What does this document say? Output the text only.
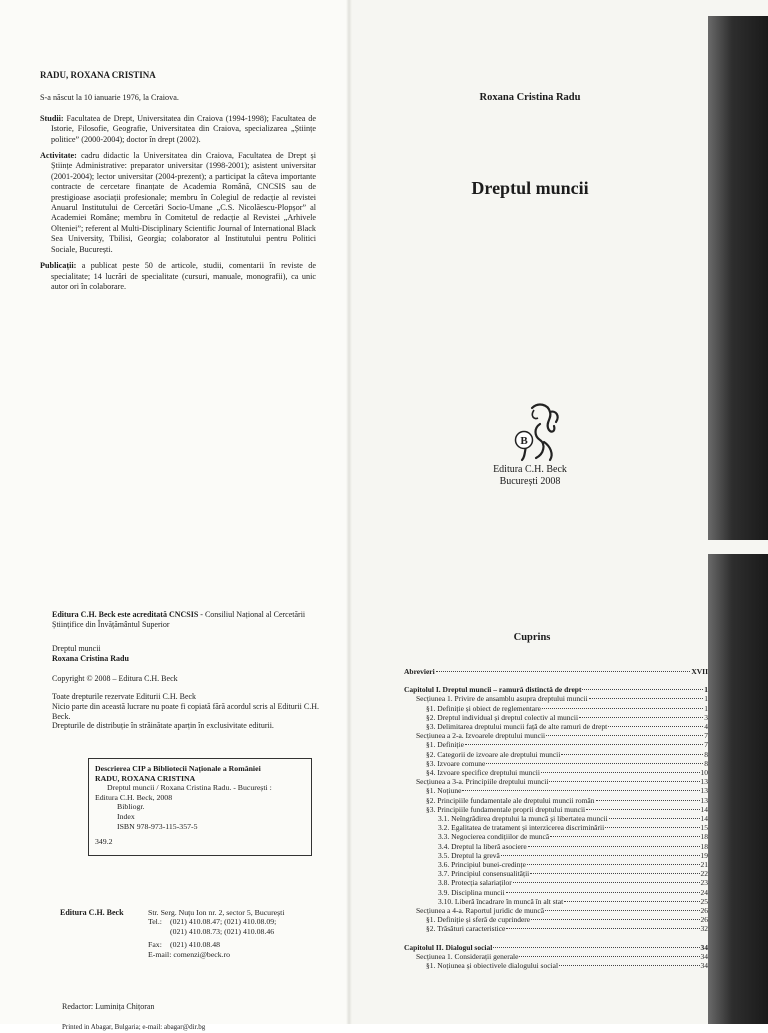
RADU, ROXANA CRISTINA

S-a născut la 10 ianuarie 1976, la Craiova.

Studii: Facultatea de Drept, Universitatea din Craiova (1994-1998); Facultatea de Istorie, Filosofie, Geografie, Universitatea din Craiova, specializarea „Științe politice” (2000-2004); doctor în drept (2002).

Activitate: cadru didactic la Universitatea din Craiova, Facultatea de Drept și Științe Administrative: preparator universitar (1998-2001); asistent universitar (2001-2004); lector universitar (2004-prezent); a participat la câteva importante contracte de cercetare finanțate de Academia Română, CNCSIS sau de prestigioase asociații profesionale; membru în Colegiul de redacție al revistei Anuarul Institutului de Cercetări Socio-Umane „C.S. Nicolăescu-Plopșor” al Academiei Române; membru în Comitetul de redacție al Revistei „Arhivele Olteniei”; referent al Multi-Disciplinary Scientific Journal of International Black Sea University, Tbilisi, Georgia; colaborator al Institutului pentru Politici Sociale, București.

Publicații: a publicat peste 50 de articole, studii, comentarii în reviste de specialitate; 14 lucrări de specialitate (cursuri, manuale, monografii), ca unic autor ori în colaborare.

Roxana Cristina Radu
Dreptul muncii
B
Editura C.H. Beck
București 2008
Editura C.H. Beck este acreditată CNCSIS - Consiliul Național al Cercetării Științifice din Învățământul Superior
Dreptul muncii
Roxana Cristina Radu
Copyright © 2008 – Editura C.H. Beck
Toate drepturile rezervate Editurii C.H. Beck
Nicio parte din această lucrare nu poate fi copiată fără acordul scris al Editurii C.H. Beck.
Drepturile de distribuție în străinătate aparțin în exclusivitate editurii.
Descrierea CIP a Bibliotecii Naționale a României
RADU, ROXANA CRISTINA
Dreptul muncii / Roxana Cristina Radu. - București :
Editura C.H. Beck, 2008
Bibliogr.
Index
ISBN 978-973-115-357-5
349.2
Editura C.H. Beck	Str. Serg. Nuțu Ion nr. 2, sector 5, București
Tel.:	(021) 410.08.47; (021) 410.08.09;
(021) 410.08.73; (021) 410.08.46
Fax:	(021) 410.08.48
E-mail: comenzi@beck.ro
Redactor: Luminița Chițoran
Printed in Abagar, Bulgaria; e-mail: abagar@dir.bg
Cuprins
Abrevieri	XVII
Capitolul I. Dreptul muncii – ramură distinctă de drept	1
Secțiunea 1. Privire de ansamblu asupra dreptului muncii	1
§1. Definiție și obiect de reglementare	1
§2. Dreptul individual și dreptul colectiv al muncii	3
§3. Delimitarea dreptului muncii față de alte ramuri de drept	4
Secțiunea a 2-a. Izvoarele dreptului muncii	7
§1. Definiție	7
§2. Categorii de izvoare ale dreptului muncii	8
§3. Izvoare comune	8
§4. Izvoare specifice dreptului muncii	10
Secțiunea a 3-a. Principiile dreptului muncii	13
§1. Noțiune	13
§2. Principiile fundamentale ale dreptului muncii român	13
§3. Principiile fundamentale proprii dreptului muncii	14
3.1. Neîngrădirea dreptului la muncă și libertatea muncii	14
3.2. Egalitatea de tratament și interzicerea discriminării	15
3.3. Negocierea condițiilor de muncă	18
3.4. Dreptul la liberă asociere	18
3.5. Dreptul la grevă	19
3.6. Principiul bunei-credințe	21
3.7. Principiul consensualității	22
3.8. Protecția salariaților	23
3.9. Disciplina muncii	24
3.10. Liberă încadrare în muncă în alt stat	25
Secțiunea a 4-a. Raportul juridic de muncă	26
§1. Definiție și sferă de cuprindere	26
§2. Trăsături caracteristice	32
Capitolul II. Dialogul social	34
Secțiunea 1. Considerații generale	34
§1. Noțiunea și obiectivele dialogului social	34
